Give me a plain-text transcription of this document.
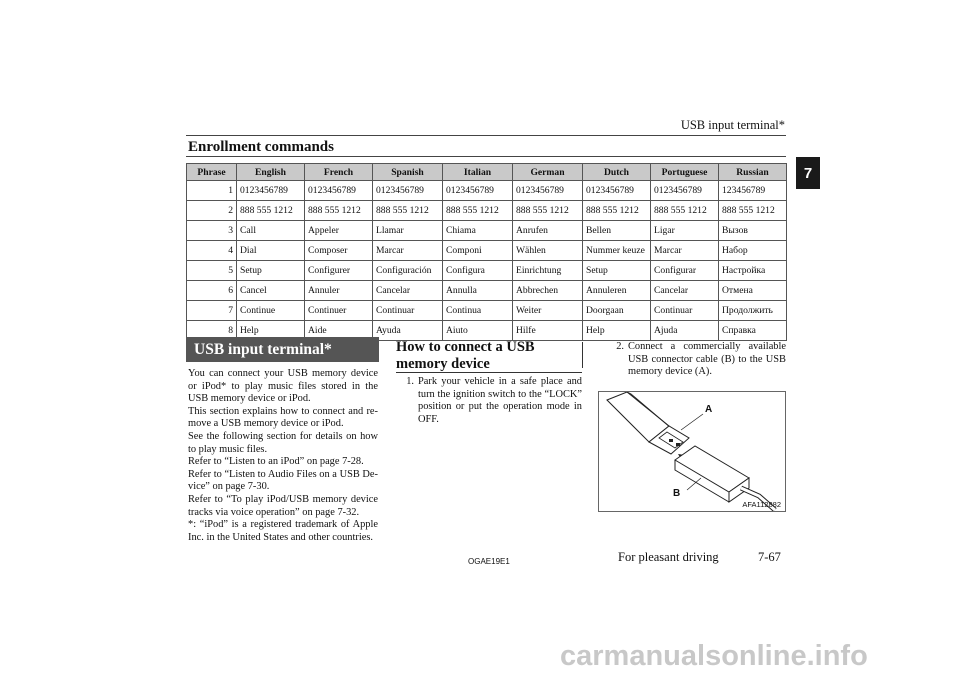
USB input terminal*
7
Enrollment commands
Phrase	English	French	Spanish	Italian	German	Dutch	Portuguese	Russian
1	0123456789	0123456789	0123456789	0123456789	0123456789	0123456789	0123456789	123456789
2	888 555 1212	888 555 1212	888 555 1212	888 555 1212	888 555 1212	888 555 1212	888 555 1212	888 555 1212
3	Call	Appeler	Llamar	Chiama	Anrufen	Bellen	Ligar	Вызов
4	Dial	Composer	Marcar	Componi	Wählen	Nummer keuze	Marcar	Набор
5	Setup	Configurer	Configuración	Configura	Einrichtung	Setup	Configurar	Настройка
6	Cancel	Annuler	Cancelar	Annulla	Abbrechen	Annuleren	Cancelar	Отмена
7	Continue	Continuer	Continuar	Continua	Weiter	Doorgaan	Continuar	Продолжить
8	Help	Aide	Ayuda	Aiuto	Hilfe	Help	Ajuda	Справка
USB input terminal*

You can connect your USB memory device or iPod* to play music files stored in the USB memory device or iPod.

This section explains how to connect and re-move a USB memory device or iPod.

See the following section for details on how to play music files.

Refer to “Listen to an iPod” on page 7-28.

Refer to “Listen to Audio Files on a USB De-vice” on page 7-30.

Refer to “To play iPod/USB memory device tracks via voice operation” on page 7-32.

*: “iPod” is a registered trademark of Apple Inc. in the United States and other countries.

How to connect a USB memory device

1. Park your vehicle in a safe place and turn the ignition switch to the “LOCK” position or put the operation mode in OFF.

2. Connect a commercially available USB connector cable (B) to the USB memory device (A).

A
B
AFA112882
OGAE19E1	For pleasant driving	7-67
carmanualsonline.info
